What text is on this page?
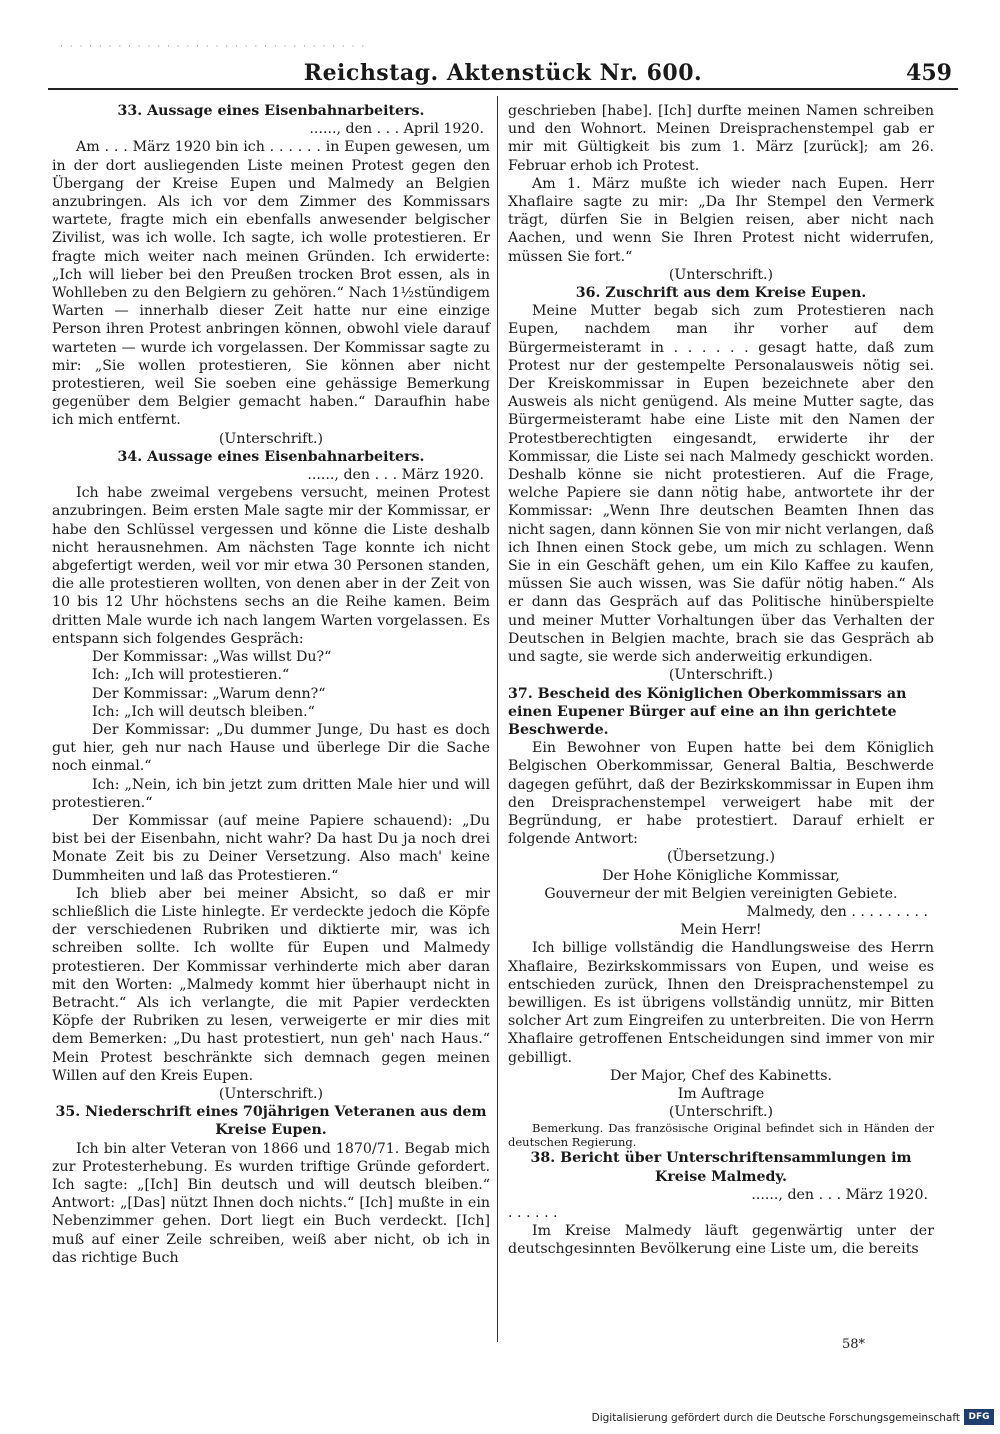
· · · · · · · · · · · · · · · · · · · · · · · · · · · · · · · ·
Reichstag. Aktenstück Nr. 600.	459

33. Aussage eines Eisenbahnarbeiters.

......, den . . . April 1920.

Am . . . März 1920 bin ich . . . . . . in Eupen gewesen, um in der dort ausliegenden Liste meinen Protest gegen den Übergang der Kreise Eupen und Malmedy an Belgien anzubringen. Als ich vor dem Zimmer des Kommissars wartete, fragte mich ein ebenfalls anwesender belgischer Zivilist, was ich wolle. Ich sagte, ich wolle protestieren. Er fragte mich weiter nach meinen Gründen. Ich erwiderte: „Ich will lieber bei den Preußen trocken Brot essen, als in Wohlleben zu den Belgiern zu gehören.“ Nach 1½stündigem Warten — innerhalb dieser Zeit hatte nur eine einzige Person ihren Protest anbringen können, obwohl viele darauf warteten — wurde ich vorgelassen. Der Kommissar sagte zu mir: „Sie wollen protestieren, Sie können aber nicht protestieren, weil Sie soeben eine gehässige Bemerkung gegenüber dem Belgier gemacht haben.“ Daraufhin habe ich mich entfernt.

(Unterschrift.)

34. Aussage eines Eisenbahnarbeiters.

......, den . . . März 1920.

Ich habe zweimal vergebens versucht, meinen Protest anzubringen. Beim ersten Male sagte mir der Kommissar, er habe den Schlüssel vergessen und könne die Liste deshalb nicht herausnehmen. Am nächsten Tage konnte ich nicht abgefertigt werden, weil vor mir etwa 30 Personen standen, die alle protestieren wollten, von denen aber in der Zeit von 10 bis 12 Uhr höchstens sechs an die Reihe kamen. Beim dritten Male wurde ich nach langem Warten vorgelassen. Es entspann sich folgendes Gespräch:

Der Kommissar: „Was willst Du?“

Ich: „Ich will protestieren.“

Der Kommissar: „Warum denn?“

Ich: „Ich will deutsch bleiben.“

Der Kommissar: „Du dummer Junge, Du hast es doch gut hier, geh nur nach Hause und überlege Dir die Sache noch einmal.“

Ich: „Nein, ich bin jetzt zum dritten Male hier und will protestieren.“

Der Kommissar (auf meine Papiere schauend): „Du bist bei der Eisenbahn, nicht wahr? Da hast Du ja noch drei Monate Zeit bis zu Deiner Versetzung. Also mach' keine Dummheiten und laß das Protestieren.“

Ich blieb aber bei meiner Absicht, so daß er mir schließlich die Liste hinlegte. Er verdeckte jedoch die Köpfe der verschiedenen Rubriken und diktierte mir, was ich schreiben sollte. Ich wollte für Eupen und Malmedy protestieren. Der Kommissar verhinderte mich aber daran mit den Worten: „Malmedy kommt hier überhaupt nicht in Betracht.“ Als ich verlangte, die mit Papier verdeckten Köpfe der Rubriken zu lesen, verweigerte er mir dies mit dem Bemerken: „Du hast protestiert, nun geh' nach Haus.“ Mein Protest beschränkte sich demnach gegen meinen Willen auf den Kreis Eupen.

(Unterschrift.)

35. Niederschrift eines 70jährigen Veteranen aus dem Kreise Eupen.

Ich bin alter Veteran von 1866 und 1870/71. Begab mich zur Protesterhebung. Es wurden triftige Gründe gefordert. Ich sagte: „[Ich] Bin deutsch und will deutsch bleiben.“ Antwort: „[Das] nützt Ihnen doch nichts.“ [Ich] mußte in ein Nebenzimmer gehen. Dort liegt ein Buch verdeckt. [Ich] muß auf einer Zeile schreiben, weiß aber nicht, ob ich in das richtige Buch

geschrieben [habe]. [Ich] durfte meinen Namen schreiben und den Wohnort. Meinen Dreisprachenstempel gab er mir mit Gültigkeit bis zum 1. März [zurück]; am 26. Februar erhob ich Protest.

Am 1. März mußte ich wieder nach Eupen. Herr Xhaflaire sagte zu mir: „Da Ihr Stempel den Vermerk trägt, dürfen Sie in Belgien reisen, aber nicht nach Aachen, und wenn Sie Ihren Protest nicht widerrufen, müssen Sie fort.“

(Unterschrift.)

36. Zuschrift aus dem Kreise Eupen.

Meine Mutter begab sich zum Protestieren nach Eupen, nachdem man ihr vorher auf dem Bürgermeisteramt in . . . . . . gesagt hatte, daß zum Protest nur der gestempelte Personalausweis nötig sei. Der Kreiskommissar in Eupen bezeichnete aber den Ausweis als nicht genügend. Als meine Mutter sagte, das Bürgermeisteramt habe eine Liste mit den Namen der Protestberechtigten eingesandt, erwiderte ihr der Kommissar, die Liste sei nach Malmedy geschickt worden. Deshalb könne sie nicht protestieren. Auf die Frage, welche Papiere sie dann nötig habe, antwortete ihr der Kommissar: „Wenn Ihre deutschen Beamten Ihnen das nicht sagen, dann können Sie von mir nicht verlangen, daß ich Ihnen einen Stock gebe, um mich zu schlagen. Wenn Sie in ein Geschäft gehen, um ein Kilo Kaffee zu kaufen, müssen Sie auch wissen, was Sie dafür nötig haben.“ Als er dann das Gespräch auf das Politische hinüberspielte und meiner Mutter Vorhaltungen über das Verhalten der Deutschen in Belgien machte, brach sie das Gespräch ab und sagte, sie werde sich anderweitig erkundigen.

(Unterschrift.)

37. Bescheid des Königlichen Oberkommissars an einen Eupener Bürger auf eine an ihn gerichtete Beschwerde.

Ein Bewohner von Eupen hatte bei dem Königlich Belgischen Oberkommissar, General Baltia, Beschwerde dagegen geführt, daß der Bezirkskommissar in Eupen ihm den Dreisprachenstempel verweigert habe mit der Begründung, er habe protestiert. Darauf erhielt er folgende Antwort:

(Übersetzung.)

Der Hohe Königliche Kommissar,

Gouverneur der mit Belgien vereinigten Gebiete.

Malmedy, den . . . . . . . . .

Mein Herr!

Ich billige vollständig die Handlungsweise des Herrn Xhaflaire, Bezirkskommissars von Eupen, und weise es entschieden zurück, Ihnen den Dreisprachenstempel zu bewilligen. Es ist übrigens vollständig unnütz, mir Bitten solcher Art zum Eingreifen zu unterbreiten. Die von Herrn Xhaflaire getroffenen Entscheidungen sind immer von mir gebilligt.

Der Major, Chef des Kabinetts.

Im Auftrage

(Unterschrift.)

Bemerkung. Das französische Original befindet sich in Händen der deutschen Regierung.

38. Bericht über Unterschriftensammlungen im Kreise Malmedy.

......, den . . . März 1920.

. . . . . .

Im Kreise Malmedy läuft gegenwärtig unter der deutschgesinnten Bevölkerung eine Liste um, die bereits

58*
Digitalisierung gefördert durch die Deutsche Forschungsgemeinschaft DFG
